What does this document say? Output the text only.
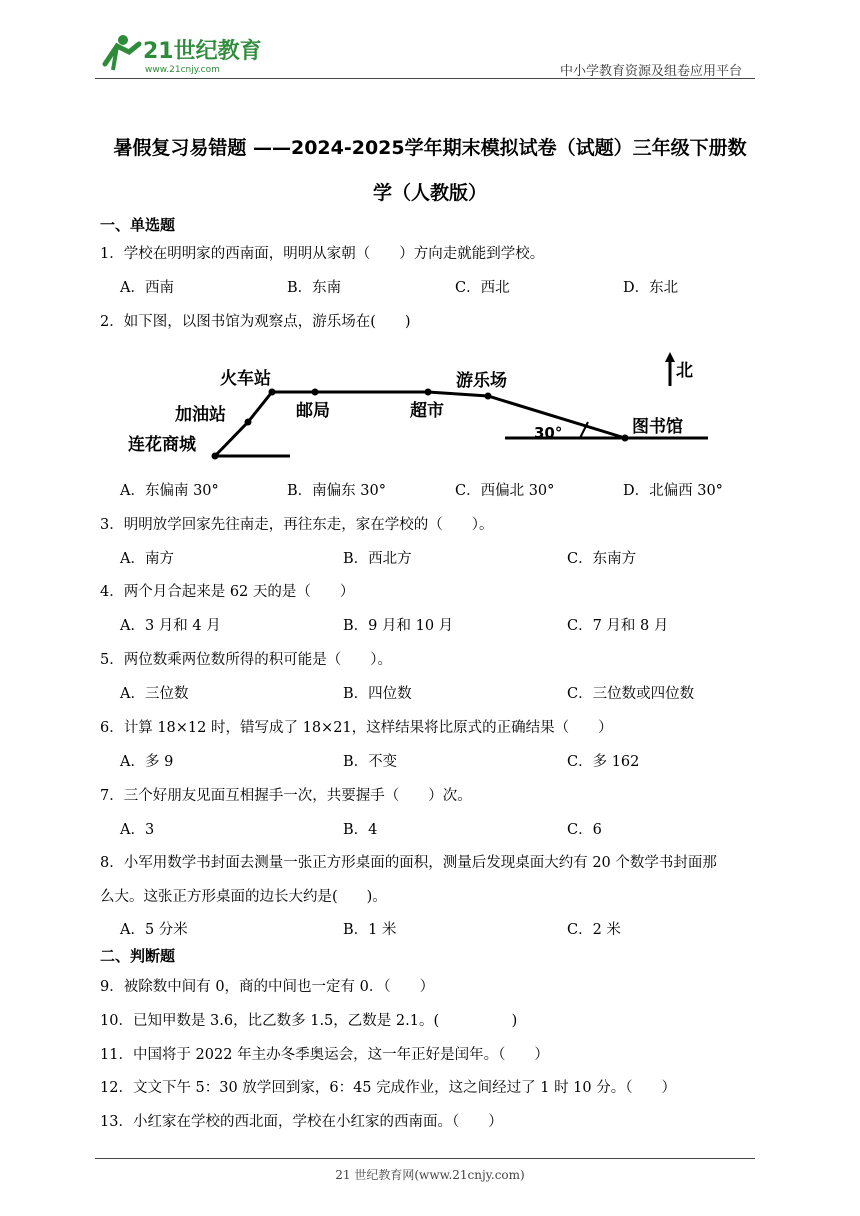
21世纪教育
www.21cnjy.com	中小学教育资源及组卷应用平台
暑假复习易错题 ——2024-2025学年期末模拟试卷（试题）三年级下册数
学（人教版）
一、单选题
1．学校在明明家的西南面，明明从家朝（　　）方向走就能到学校。
A．西南	B．东南	C．西北	D．东北
2．如下图，以图书馆为观察点，游乐场在(　　)
火车站
加油站	邮局	超市
游乐场
图书馆
连花商城
北
30°
A．东偏南 30°	B．南偏东 30°	C．西偏北 30°	D．北偏西 30°
3．明明放学回家先往南走，再往东走，家在学校的（　　）。
A．南方	B．西北方	C．东南方
4．两个月合起来是 62 天的是（　　）
A．3 月和 4 月	B．9 月和 10 月	C．7 月和 8 月
5．两位数乘两位数所得的积可能是（　　）。
A．三位数	B．四位数	C．三位数或四位数
6．计算 18×12 时，错写成了 18×21，这样结果将比原式的正确结果（　　）
A．多 9	B．不变	C．多 162
7．三个好朋友见面互相握手一次，共要握手（　　）次。
A．3	B．4	C．6
8．小军用数学书封面去测量一张正方形桌面的面积，测量后发现桌面大约有 20 个数学书封面那
么大。这张正方形桌面的边长大约是(　　)。
A．5 分米	B．1 米	C．2 米
二、判断题
9．被除数中间有 0，商的中间也一定有 0．（　　）
10．已知甲数是 3.6，比乙数多 1.5，乙数是 2.1。(　　　　　)
11．中国将于 2022 年主办冬季奥运会，这一年正好是闰年。（　　）
12．文文下午 5：30 放学回到家，6：45 完成作业，这之间经过了 1 时 10 分。（　　）
13．小红家在学校的西北面，学校在小红家的西南面。（　　）
21 世纪教育网(www.21cnjy.com)
